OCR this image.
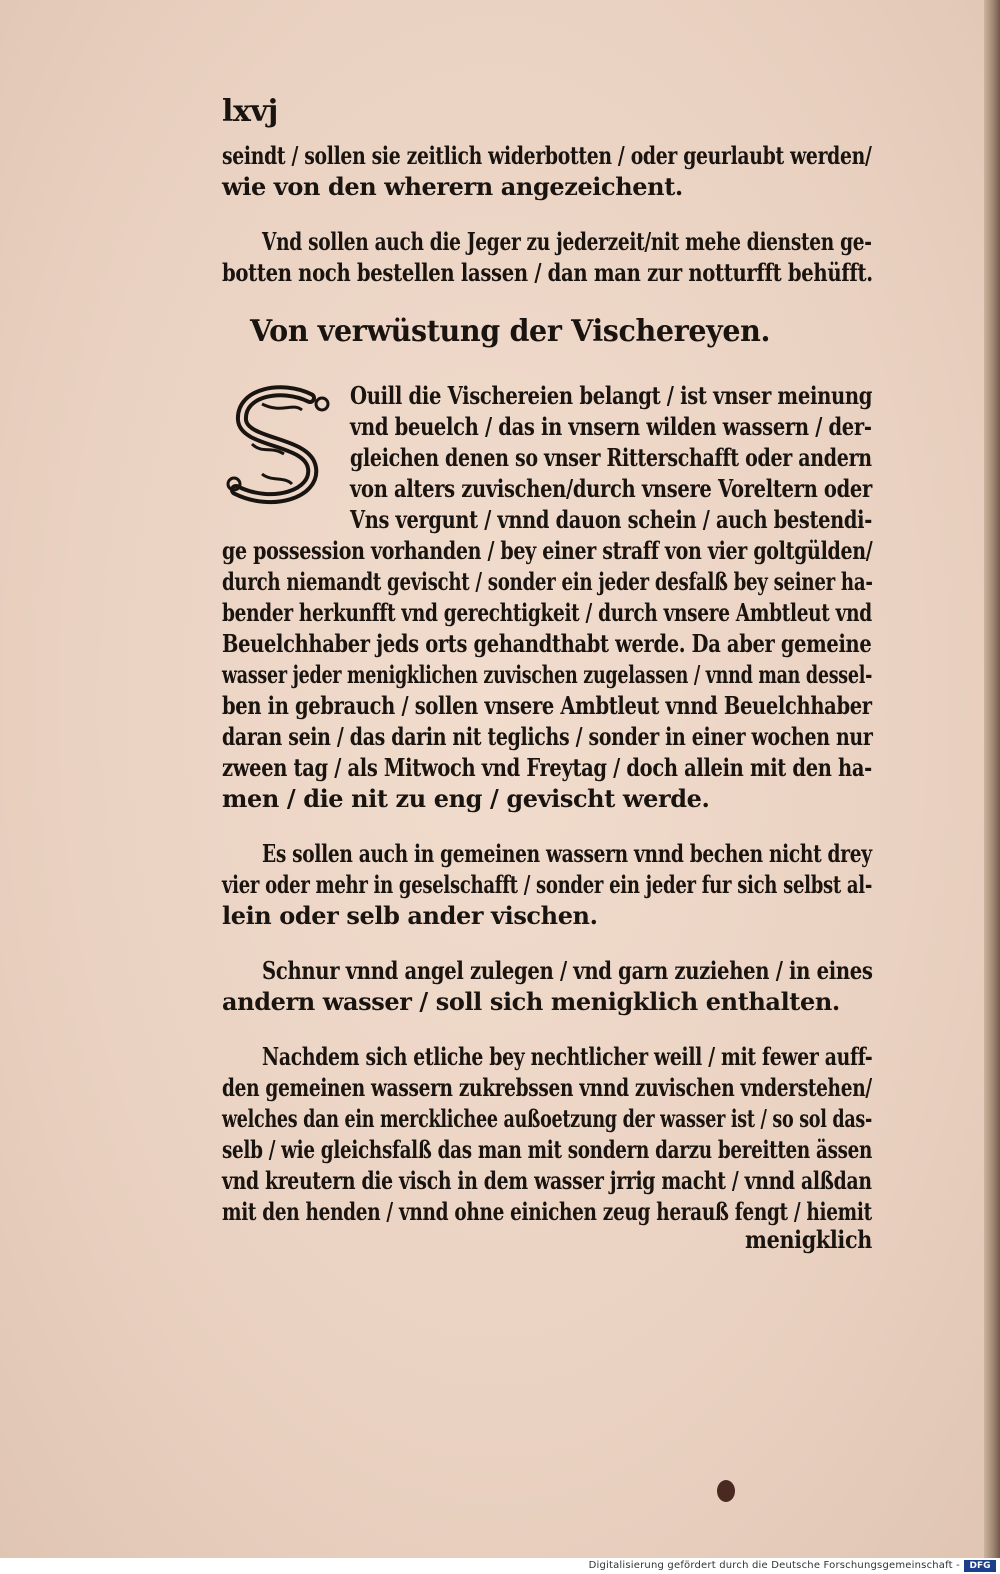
lxvj
seindt / sollen sie zeitlich widerbotten / oder geurlaubt werden/
wie von den wherern angezeichent.
Vnd sollen auch die Jeger zu jederzeit/nit mehe diensten ge-
botten noch bestellen lassen / dan man zur notturfft behüfft.
Von verwüstung der Vischereyen.
S	Ouill die Vischereien belangt / ist vnser meinung
vnd beuelch / das in vnsern wilden wassern / der-
gleichen denen so vnser Ritterschafft oder andern
von alters zuvischen/durch vnsere Voreltern oder
Vns vergunt / vnnd dauon schein / auch bestendi-
ge possession vorhanden / bey einer straff von vier goltgülden/
durch niemandt gevischt / sonder ein jeder desfalß bey seiner ha-
bender herkunfft vnd gerechtigkeit / durch vnsere Ambtleut vnd
Beuelchhaber jeds orts gehandthabt werde. Da aber gemeine
wasser jeder menigklichen zuvischen zugelassen / vnnd man dessel-
ben in gebrauch / sollen vnsere Ambtleut vnnd Beuelchhaber
daran sein / das darin nit teglichs / sonder in einer wochen nur
zween tag / als Mitwoch vnd Freytag / doch allein mit den ha-
men / die nit zu eng / gevischt werde.
Es sollen auch in gemeinen wassern vnnd bechen nicht drey
vier oder mehr in geselschafft / sonder ein jeder fur sich selbst al-
lein oder selb ander vischen.
Schnur vnnd angel zulegen / vnd garn zuziehen / in eines
andern wasser / soll sich menigklich enthalten.
Nachdem sich etliche bey nechtlicher weill / mit fewer auff-
den gemeinen wassern zukrebssen vnnd zuvischen vnderstehen/
welches dan ein mercklichee außoetzung der wasser ist / so sol das-
selb / wie gleichsfalß das man mit sondern darzu bereitten ässen
vnd kreutern die visch in dem wasser jrrig macht / vnnd alßdan
mit den henden / vnnd ohne einichen zeug herauß fengt / hiemit
menigklich
Digitalisierung gefördert durch die Deutsche Forschungsgemeinschaft -	DFG
